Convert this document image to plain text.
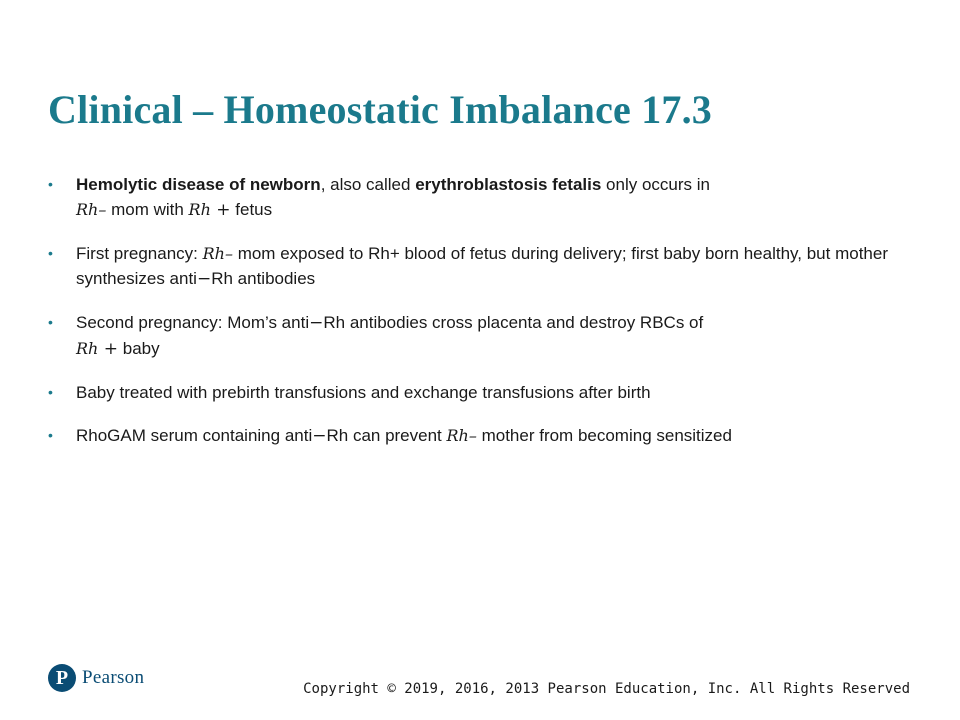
Clinical – Homeostatic Imbalance 17.3
• Hemolytic disease of newborn, also called erythroblastosis fetalis only occurs in
Rh– mom with Rh + fetus
• First pregnancy: Rh– mom exposed to Rh+ blood of fetus during delivery; first baby born healthy, but mother synthesizes anti−Rh antibodies
• Second pregnancy: Mom’s anti−Rh antibodies cross placenta and destroy RBCs of
Rh + baby
• Baby treated with prebirth transfusions and exchange transfusions after birth
• RhoGAM serum containing anti−Rh can prevent Rh– mother from becoming sensitized
P Pearson
Copyright © 2019, 2016, 2013 Pearson Education, Inc. All Rights Reserved
